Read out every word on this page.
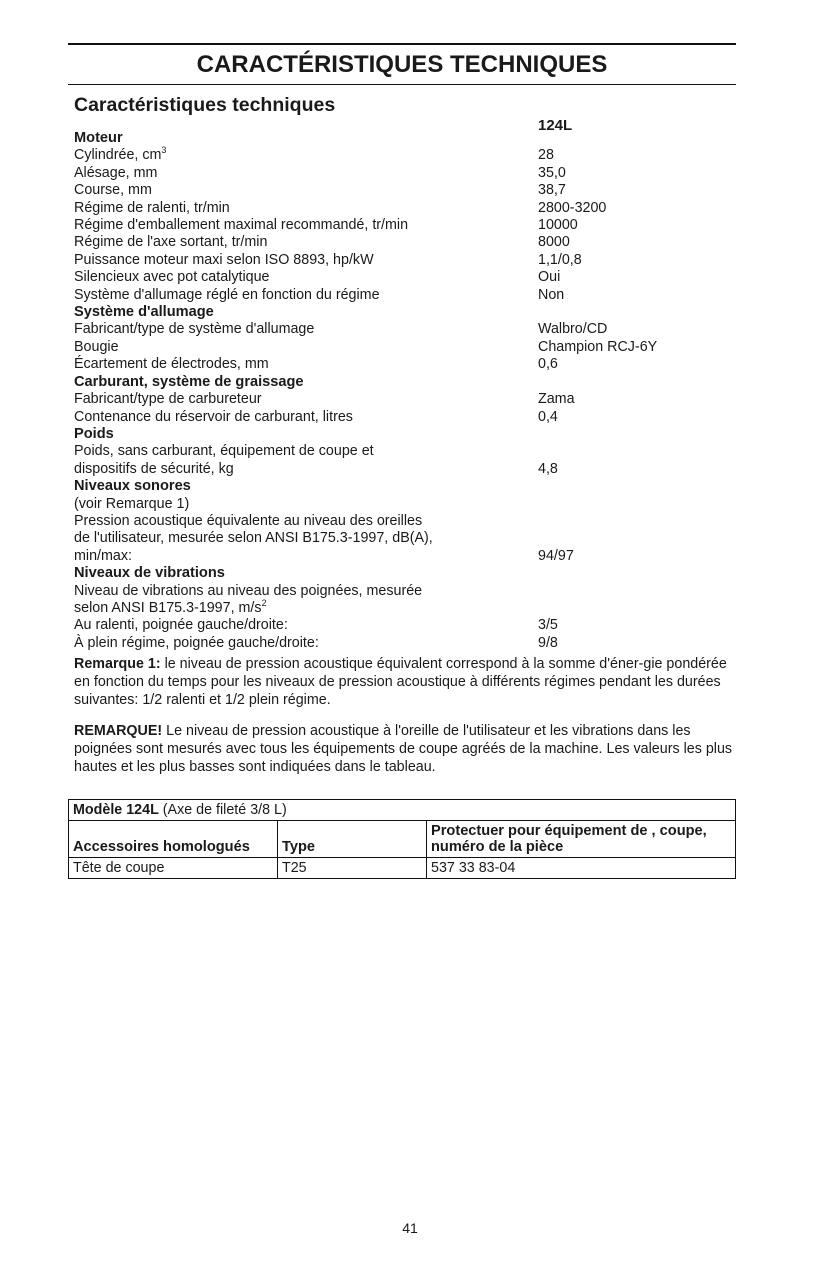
CARACTÉRISTIQUES TECHNIQUES
Caractéristiques techniques
124L
Moteur
Cylindrée, $cm^3$	28
Alésage, mm	35,0
Course, mm	38,7
Régime de ralenti, tr/min	2800-3200
Régime d'emballement maximal recommandé, tr/min	10000
Régime de l'axe sortant, tr/min	8000
Puissance moteur maxi selon ISO 8893, hp/kW	1,1/0,8
Silencieux avec pot catalytique	Oui
Système d'allumage réglé en fonction du régime	Non
Système d'allumage
Fabricant/type de système d'allumage	Walbro/CD
Bougie	Champion RCJ-6Y
Écartement de électrodes, mm	0,6
Carburant, système de graissage
Fabricant/type de carbureteur	Zama
Contenance du réservoir de carburant, litres	0,4
Poids
Poids, sans carburant, équipement de coupe et
dispositifs de sécurité, kg	4,8
Niveaux sonores
(voir Remarque 1)
Pression acoustique équivalente au niveau des oreilles
de l'utilisateur, mesurée selon ANSI B175.3-1997, dB(A),
min/max:	94/97
Niveaux de vibrations
Niveau de vibrations au niveau des poignées, mesurée
selon ANSI B175.3-1997, $m/s^2$
Au ralenti, poignée gauche/droite:	3/5
À plein régime, poignée gauche/droite:	9/8

Remarque 1: le niveau de pression acoustique équivalent correspond à la somme d'éner-gie pondérée en fonction du temps pour les niveaux de pression acoustique à différents régimes pendant les durées suivantes: 1/2 ralenti et 1/2 plein régime.

REMARQUE! Le niveau de pression acoustique à l'oreille de l'utilisateur et les vibrations dans les poignées sont mesurés avec tous les équipements de coupe agréés de la machine. Les valeurs les plus hautes et les plus basses sont indiquées dans le tableau.

Modèle 124L (Axe de fileté 3/8 L)		
Accessoires homologués	Type	Protectuer pour équipement de , coupe, numéro de la pièce
Tête de coupe	T25	537 33 83-04
41
